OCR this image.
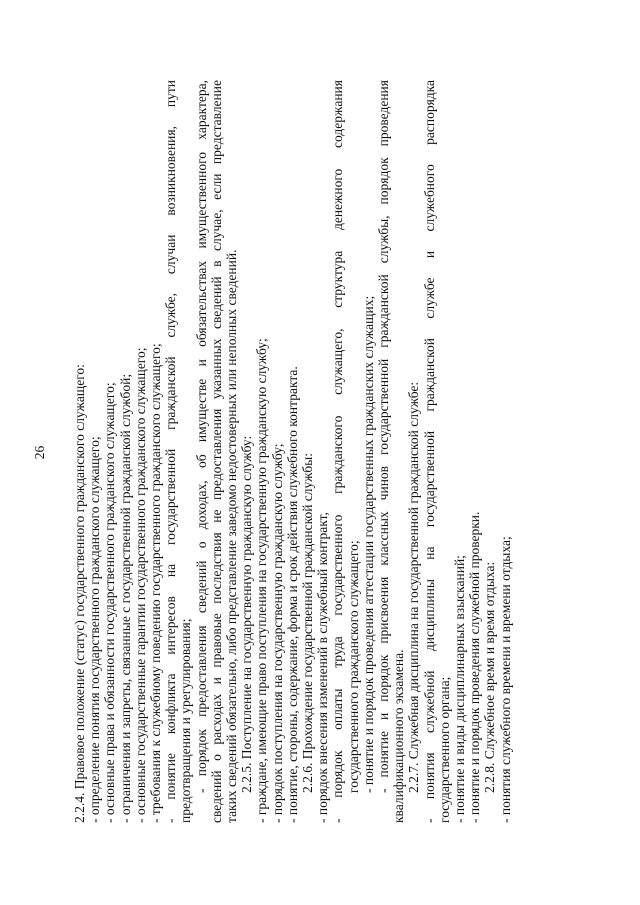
26 2.2.4. Правовое положение (статус) государственного гражданского служащего: - определение понятия государственного гражданского служащего; - основные права и обязанности государственного гражданского служащего; - ограничения и запреты, связанные с государственной гражданской службой; - основные государственные гарантии государственного гражданского служащего; - требования к служебному поведению государственного гражданского служащего; - понятие конфликта интересов на государственной гражданской службе, случаи возникновения, пути предотвращения и урегулирования; - порядок предоставления сведений о доходах, об имуществе и обязательствах имущественного характера, сведений о расходах и правовые последствия не предоставления указанных сведений в случае, если представление таких сведений обязательно, либо представление заведомо недостоверных или неполных сведений. 2.2.5. Поступление на государственную гражданскую службу: - граждане, имеющие право поступления на государственную гражданскую службу; - порядок поступления на государственную гражданскую службу; - понятие, стороны, содержание, форма и срок действия служебного контракта. 2.2.6. Прохождение государственной гражданской службы: - порядок внесения изменений в служебный контракт, - порядок оплаты труда государственного гражданского служащего, структура денежного содержания государственного гражданского служащего; - понятие и порядок проведения аттестации государственных гражданских служащих; - понятие и порядок присвоения классных чинов государственной гражданской службы, порядок проведения квалификационного экзамена. 2.2.7. Служебная дисциплина на государственной гражданской службе: - понятия служебной дисциплины на государственной гражданской службе и служебного распорядка государственного органа; - понятие и виды дисциплинарных взысканий; - понятие и порядок проведения служебной проверки. 2.2.8. Служебное время и время отдыха: - понятия служебного времени и времени отдыха;
